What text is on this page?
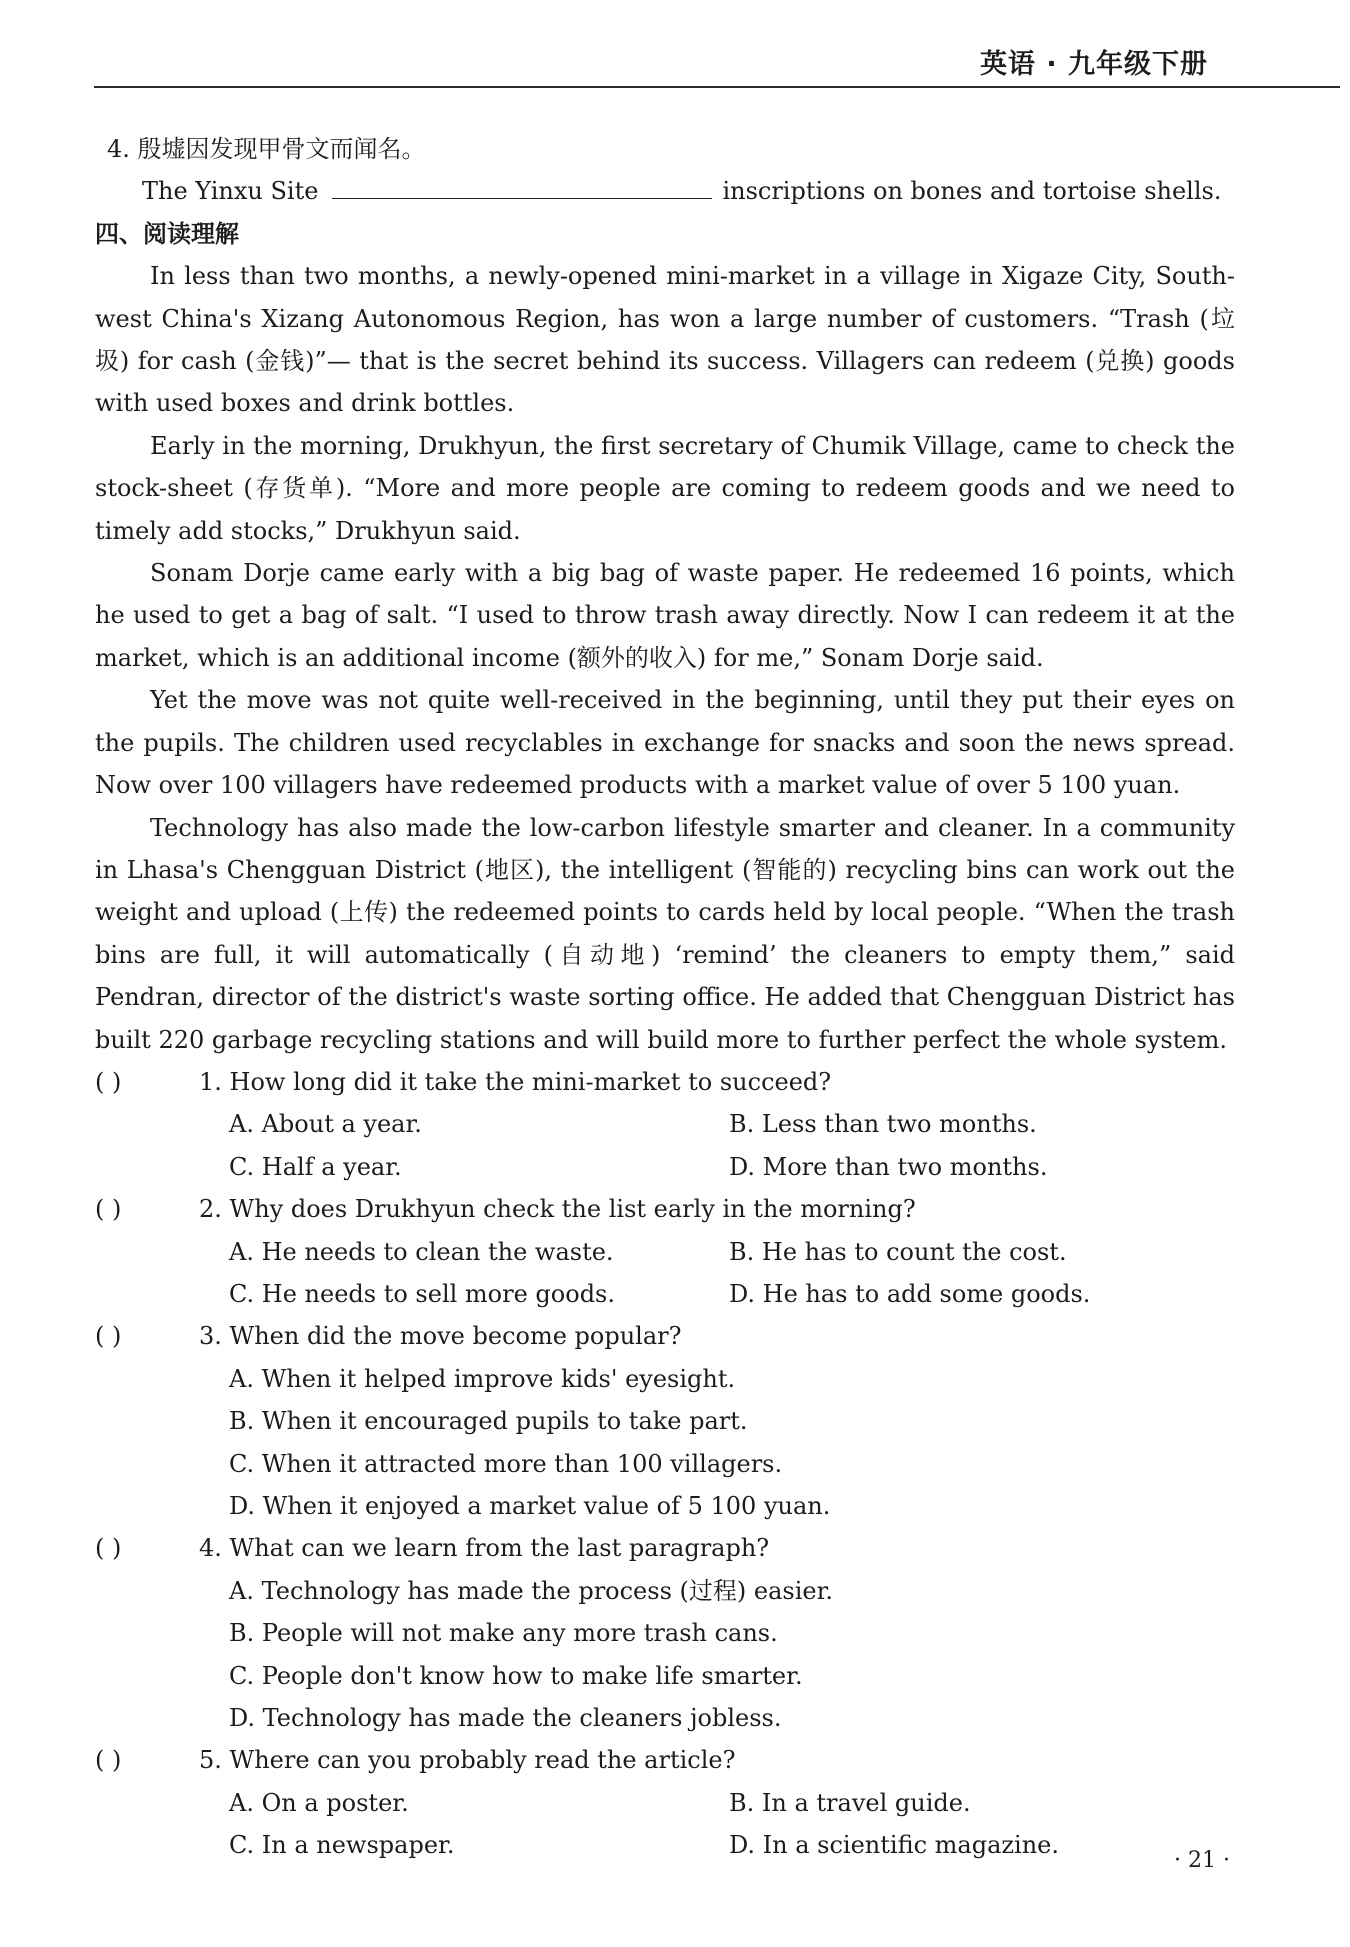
英语 · 九年级下册
4. 殷墟因发现甲骨文而闻名。
The Yinxu Site	inscriptions on bones and tortoise shells.
四、阅读理解

In less than two months, a newly-opened mini-market in a village in Xigaze City, South-west China's Xizang Autonomous Region, has won a large number of customers. “Trash (垃圾) for cash (金钱)”— that is the secret behind its success. Villagers can redeem (兑换) goods with used boxes and drink bottles.

Early in the morning, Drukhyun, the first secretary of Chumik Village, came to check the stock-sheet (存货单). “More and more people are coming to redeem goods and we need to timely add stocks,” Drukhyun said.

Sonam Dorje came early with a big bag of waste paper. He redeemed 16 points, which he used to get a bag of salt. “I used to throw trash away directly. Now I can redeem it at the market, which is an additional income (额外的收入) for me,” Sonam Dorje said.

Yet the move was not quite well-received in the beginning, until they put their eyes on the pupils. The children used recyclables in exchange for snacks and soon the news spread. Now over 100 villagers have redeemed products with a market value of over 5 100 yuan.

Technology has also made the low-carbon lifestyle smarter and cleaner. In a community in Lhasa's Chengguan District (地区), the intelligent (智能的) recycling bins can work out the weight and upload (上传) the redeemed points to cards held by local people. “When the trash bins are full, it will automatically (自动地) ‘remind’ the cleaners to empty them,” said Pendran, director of the district's waste sorting office. He added that Chengguan District has built 220 garbage recycling stations and will build more to further perfect the whole system.

( )	1. How long did it take the mini-market to succeed?
A. About a year.	B. Less than two months.
C. Half a year.	D. More than two months.
( )	2. Why does Drukhyun check the list early in the morning?
A. He needs to clean the waste.	B. He has to count the cost.
C. He needs to sell more goods.	D. He has to add some goods.
( )	3. When did the move become popular?
A. When it helped improve kids' eyesight.
B. When it encouraged pupils to take part.
C. When it attracted more than 100 villagers.
D. When it enjoyed a market value of 5 100 yuan.
( )	4. What can we learn from the last paragraph?
A. Technology has made the process (过程) easier.
B. People will not make any more trash cans.
C. People don't know how to make life smarter.
D. Technology has made the cleaners jobless.
( )	5. Where can you probably read the article?
A. On a poster.	B. In a travel guide.
C. In a newspaper.	D. In a scientific magazine.
· 21 ·
